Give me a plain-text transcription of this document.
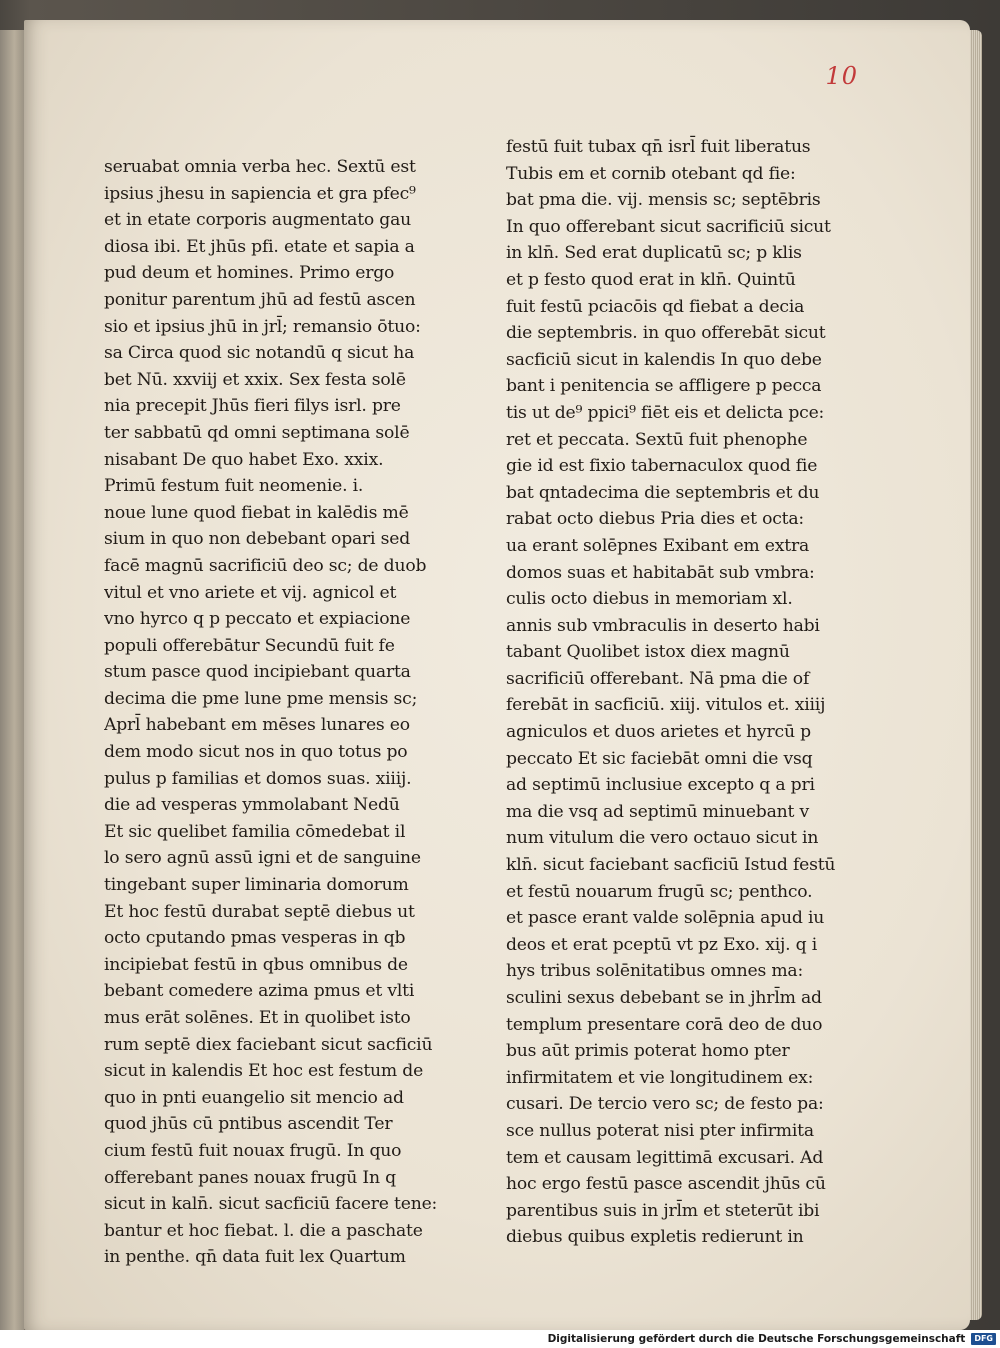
10
seruabat omnia verba hec. Sextū est
ipsius jhesu in sapiencia et gra pfec⁹
et in etate corporis augmentato gau
diosa ibi. Et jhūs pfi. etate et sapia a
pud deum et homines. Primo ergo
ponitur parentum jhū ad festū ascen
sio et ipsius jhū in jrl̄; remansio ōtuo:
sa Circa quod sic notandū q sicut ha
bet Nū. xxviij et xxix. Sex festa solē
nia precepit Jhūs fieri filys isrl. pre
ter sabbatū qd omni septimana solē
nisabant De quo habet Exo. xxix.
Primū festum fuit neomenie. i.
noue lune quod fiebat in kalēdis mē
sium in quo non debebant opari sed
facē magnū sacrificiū deo sc; de duob
vitul et vno ariete et vij. agnicol et
vno hyrco q p peccato et expiacione
populi offerebātur Secundū fuit fe
stum pasce quod incipiebant quarta
decima die pme lune pme mensis sc;
Aprl̄ habebant em mēses lunares eo
dem modo sicut nos in quo totus po
pulus p familias et domos suas. xiiij.
die ad vesperas ymmolabant Nedū
Et sic quelibet familia cōmedebat il
lo sero agnū assū igni et de sanguine
tingebant super liminaria domorum
Et hoc festū durabat septē diebus ut
octo cputando pmas vesperas in qb
incipiebat festū in qbus omnibus de
bebant comedere azima pmus et vlti
mus erāt solēnes. Et in quolibet isto
rum septē diex faciebant sicut sacficiū
sicut in kalendis Et hoc est festum de
quo in pnti euangelio sit mencio ad
quod jhūs cū pntibus ascendit Ter
cium festū fuit nouax frugū. In quo
offerebant panes nouax frugū In q
sicut in kaln̄. sicut sacficiū facere tene:
bantur et hoc fiebat. l. die a paschate
in penthe. qn̄ data fuit lex Quartum
festū fuit tubax qn̄ isrl̄ fuit liberatus
Tubis em et cornib otebant qd fie:
bat pma die. vij. mensis sc; septēbris
In quo offerebant sicut sacrificiū sicut
in kln̄. Sed erat duplicatū sc; p klis
et p festo quod erat in kln̄. Quintū
fuit festū pciacōis qd fiebat a decia
die septembris. in quo offerebāt sicut
sacficiū sicut in kalendis In quo debe
bant i penitencia se affligere p pecca
tis ut de⁹ ppici⁹ fiēt eis et delicta pce:
ret et peccata. Sextū fuit phenophe
gie id est fixio tabernaculox quod fie
bat qntadecima die septembris et du
rabat octo diebus Pria dies et octa:
ua erant solēpnes Exibant em extra
domos suas et habitabāt sub vmbra:
culis octo diebus in memoriam xl.
annis sub vmbraculis in deserto habi
tabant Quolibet istox diex magnū
sacrificiū offerebant. Nā pma die of
ferebāt in sacficiū. xiij. vitulos et. xiiij
agniculos et duos arietes et hyrcū p
peccato Et sic faciebāt omni die vsq
ad septimū inclusiue excepto q a pri
ma die vsq ad septimū minuebant v
num vitulum die vero octauo sicut in
kln̄. sicut faciebant sacficiū Istud festū
et festū nouarum frugū sc; penthco.
et pasce erant valde solēpnia apud iu
deos et erat pceptū vt pz Exo. xij. q i
hys tribus solēnitatibus omnes ma:
sculini sexus debebant se in jhrl̄m ad
templum presentare corā deo de duo
bus aūt primis poterat homo pter
infirmitatem et vie longitudinem ex:
cusari. De tercio vero sc; de festo pa:
sce nullus poterat nisi pter infirmita
tem et causam legittimā excusari. Ad
hoc ergo festū pasce ascendit jhūs cū
parentibus suis in jrl̄m et steterūt ibi
diebus quibus expletis redierunt in
Digitalisierung gefördert durch die Deutsche Forschungsgemeinschaft	DFG
